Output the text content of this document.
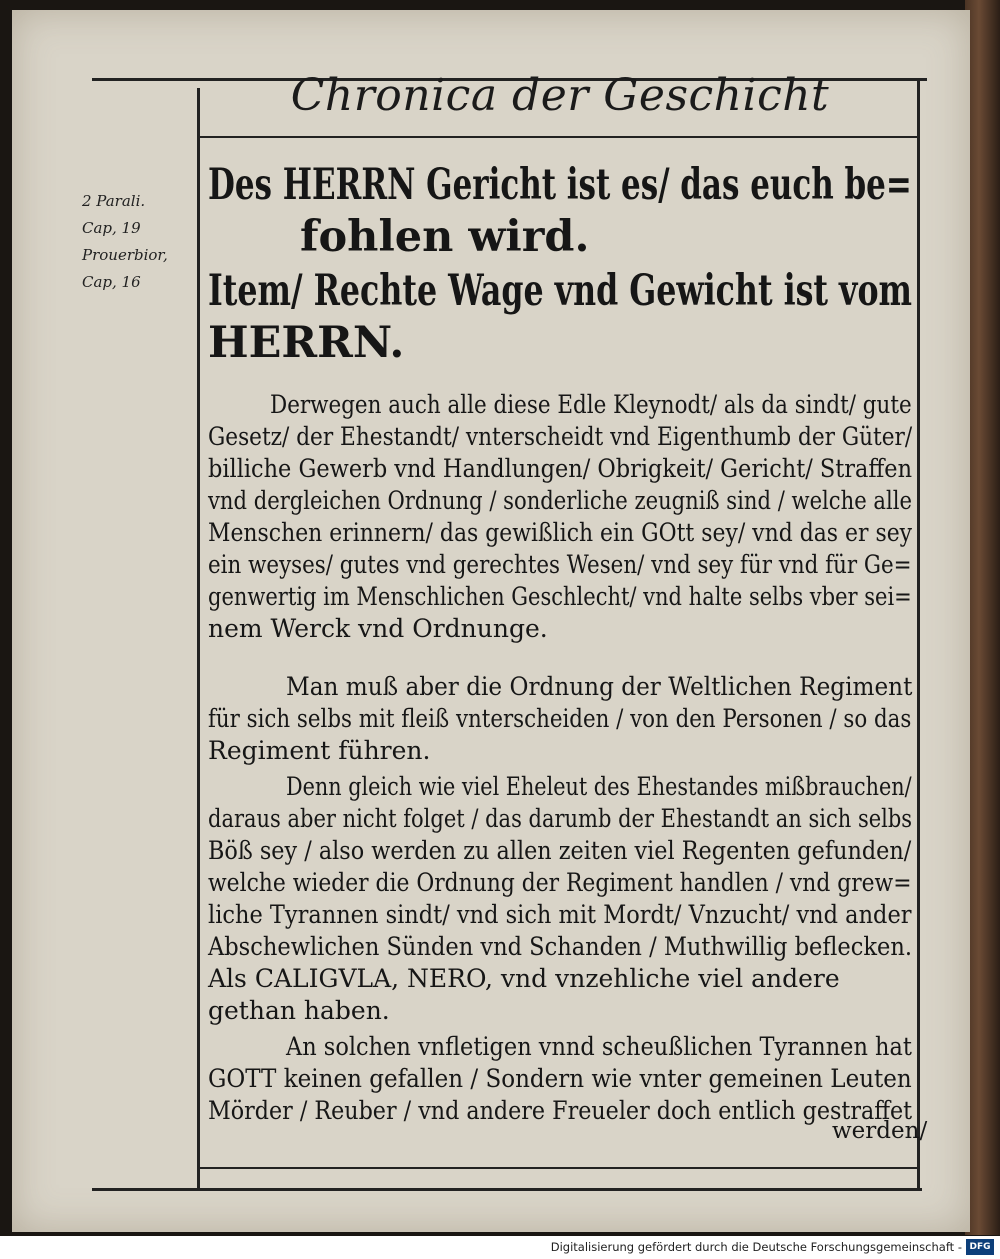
Chronica der Geschicht
2 Parali.
Cap, 19
Prouerbior,
Cap, 16
Des HERRN Gericht ist es/ das euch be=
fohlen wird.
Item/ Rechte Wage vnd Gewicht ist vom
HERRN.
Derwegen auch alle diese Edle Kleynodt/ als da sindt/ gute
Gesetz/ der Ehestandt/ vnterscheidt vnd Eigenthumb der Güter/
billiche Gewerb vnd Handlungen/ Obrigkeit/ Gericht/ Straffen
vnd dergleichen Ordnung / sonderliche zeugniß sind / welche alle
Menschen erinnern/ das gewißlich ein GOtt sey/ vnd das er sey
ein weyses/ gutes vnd gerechtes Wesen/ vnd sey für vnd für Ge=
genwertig im Menschlichen Geschlecht/ vnd halte selbs vber sei=
nem Werck vnd Ordnunge.
Man muß aber die Ordnung der Weltlichen Regiment
für sich selbs mit fleiß vnterscheiden / von den Personen / so das
Regiment führen.
Denn gleich wie viel Eheleut des Ehestandes mißbrauchen/
daraus aber nicht folget / das darumb der Ehestandt an sich selbs
Böß sey / also werden zu allen zeiten viel Regenten gefunden/
welche wieder die Ordnung der Regiment handlen / vnd grew=
liche Tyrannen sindt/ vnd sich mit Mordt/ Vnzucht/ vnd ander
Abschewlichen Sünden vnd Schanden / Muthwillig beflecken.
Als CALIGVLA, NERO, vnd vnzehliche viel andere
gethan haben.
An solchen vnfletigen vnnd scheußlichen Tyrannen hat
GOTT keinen gefallen / Sondern wie vnter gemeinen Leuten
Mörder / Reuber / vnd andere Freueler doch entlich gestraffet
werden/
Digitalisierung gefördert durch die Deutsche Forschungsgemeinschaft - DFG
